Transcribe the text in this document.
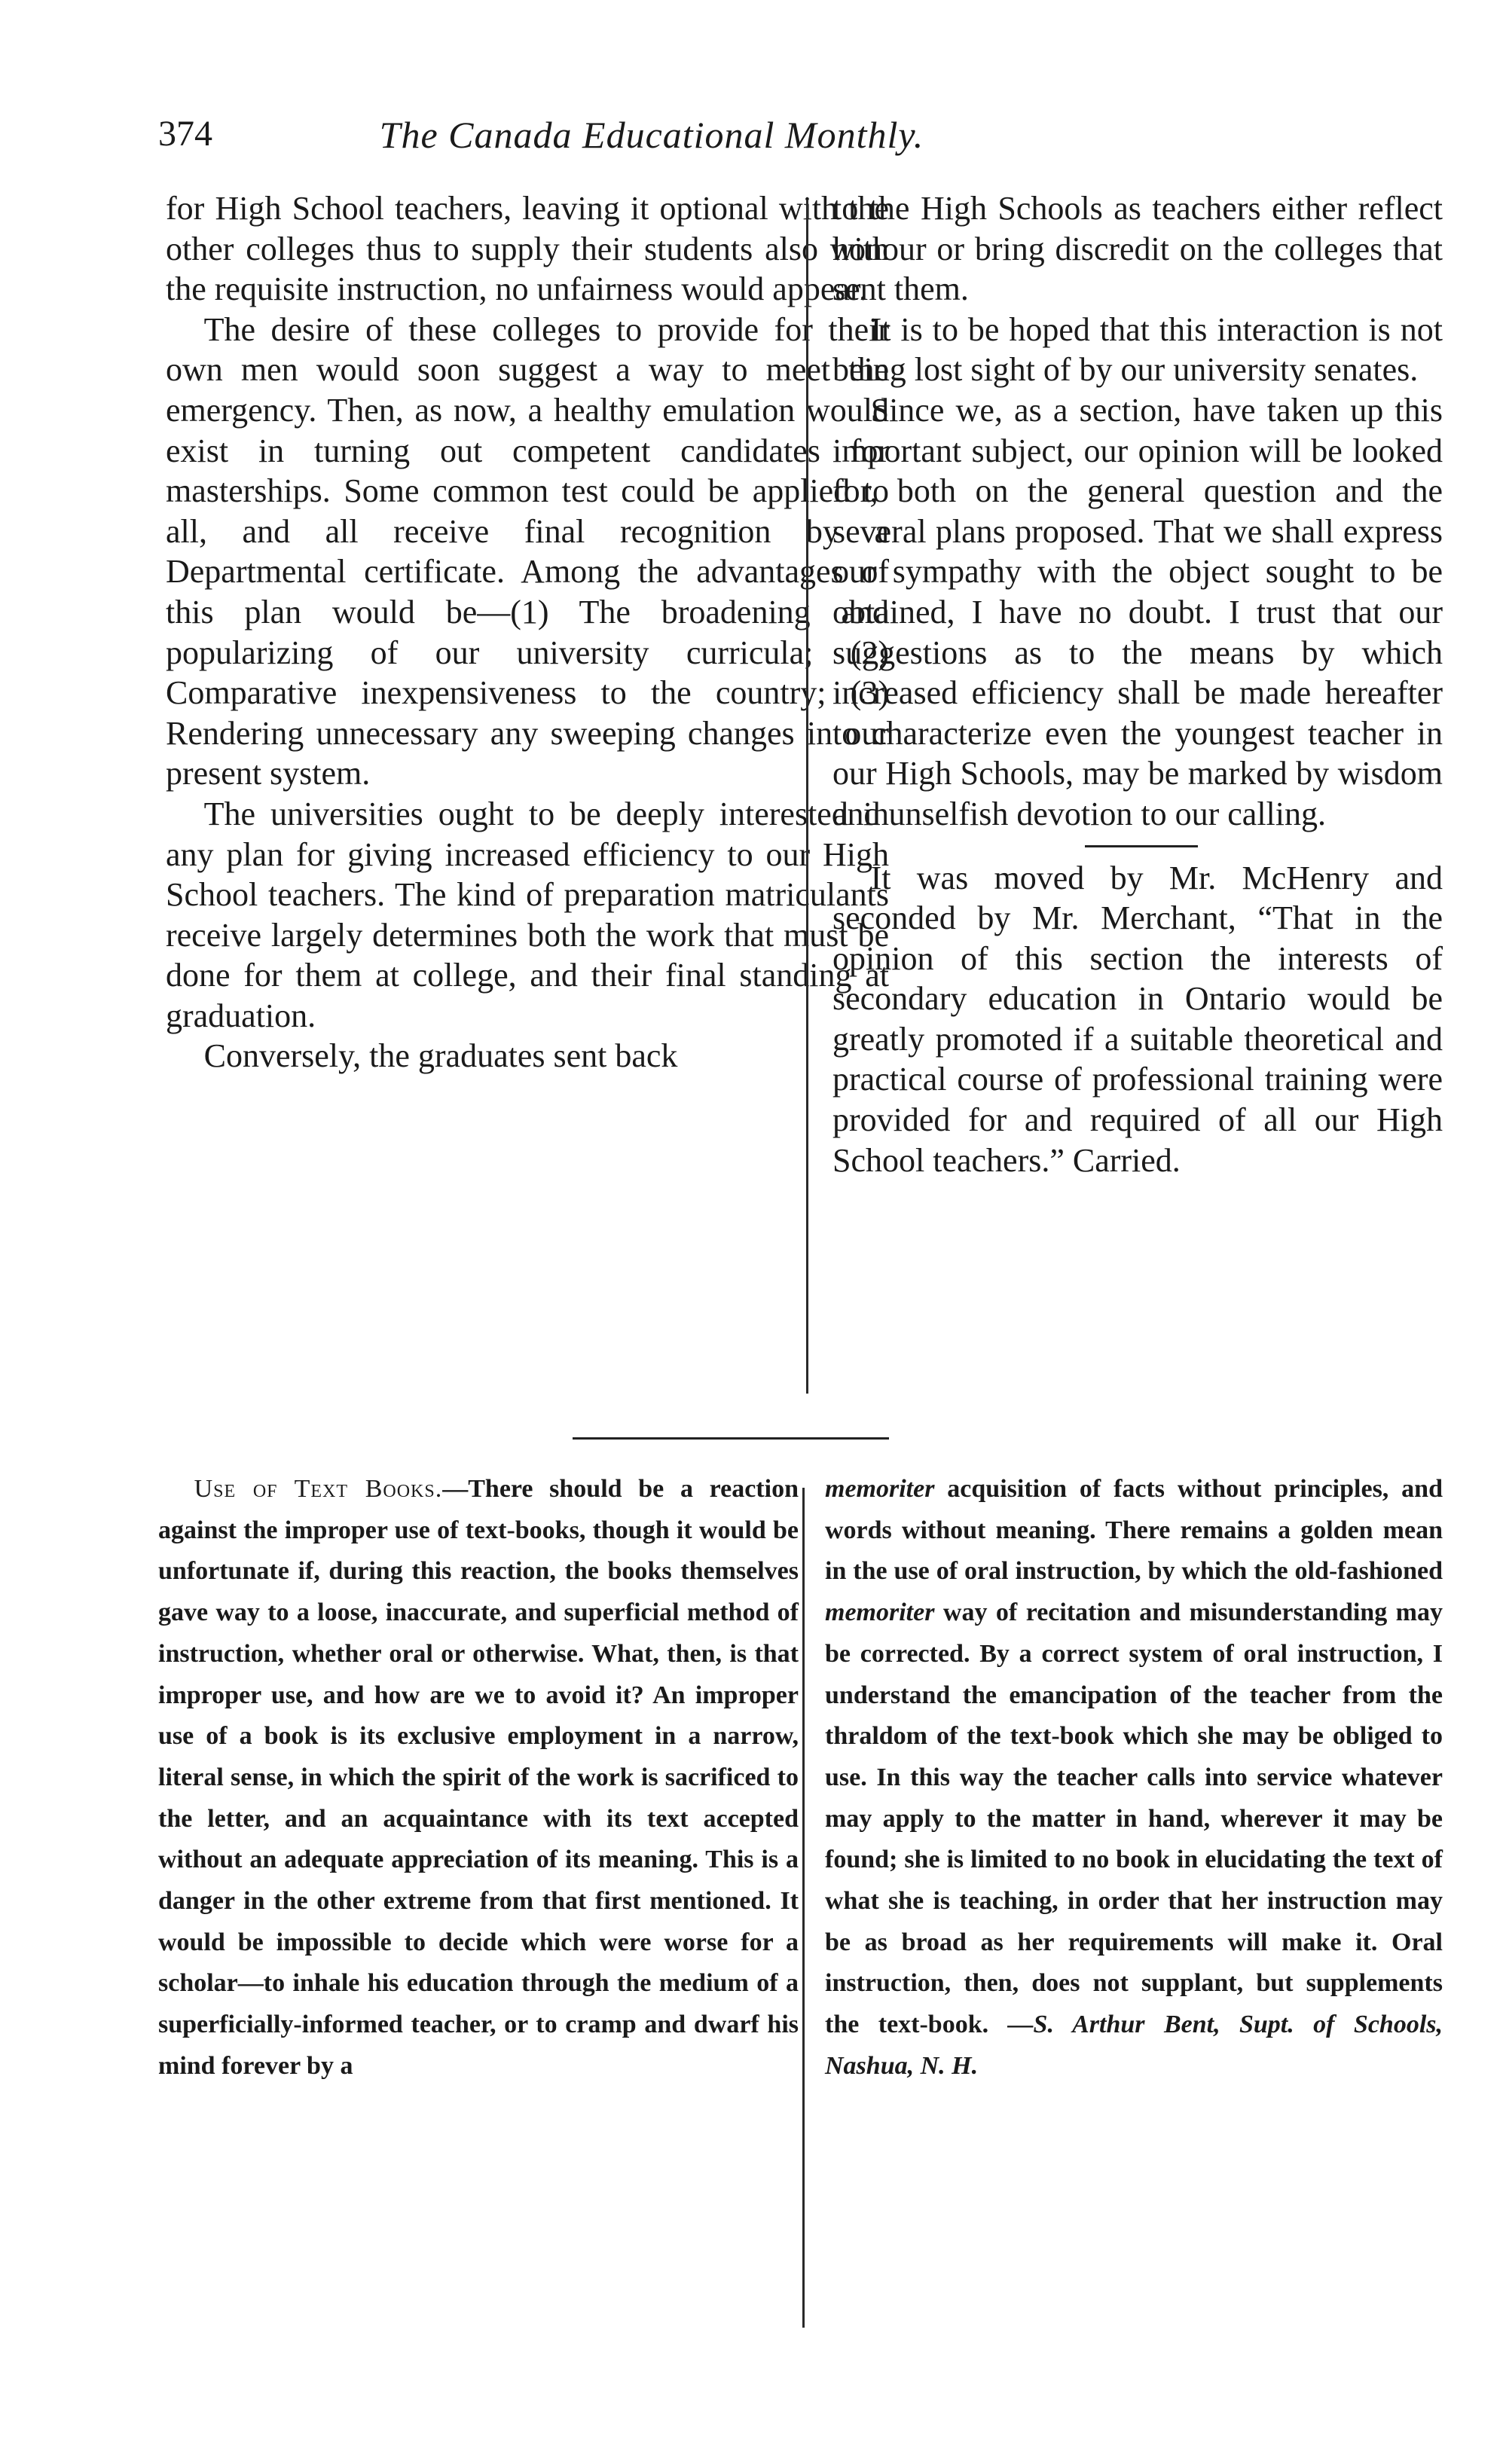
374	The Canada Educational Monthly.

for High School teachers, leaving it optional with the other colleges thus to supply their students also with the requisite instruction, no unfairness would appear.

The desire of these colleges to provide for their own men would soon suggest a way to meet the emergency. Then, as now, a healthy emulation would exist in turning out competent candidates for masterships. Some common test could be applied to all, and all receive final recognition by a Departmental certificate. Among the advantages of this plan would be—(1) The broadening and popularizing of our university curricula; (2) Comparative inexpensiveness to the country; (3) Rendering unnecessary any sweeping changes in our present system.

The universities ought to be deeply interested in any plan for giving increased efficiency to our High School teachers. The kind of preparation matriculants receive largely determines both the work that must be done for them at college, and their final standing at graduation.

Conversely, the graduates sent back

to the High Schools as teachers either reflect honour or bring discredit on the colleges that sent them.

It is to be hoped that this interaction is not being lost sight of by our university senates.

Since we, as a section, have taken up this important subject, our opinion will be looked for, both on the general question and the several plans proposed. That we shall express our sympathy with the object sought to be obtained, I have no doubt. I trust that our suggestions as to the means by which increased efficiency shall be made hereafter to characterize even the youngest teacher in our High Schools, may be marked by wisdom and unselfish devotion to our calling.

It was moved by Mr. McHenry and seconded by Mr. Merchant, “That in the opinion of this section the interests of secondary education in Ontario would be greatly promoted if a suitable theoretical and practical course of professional training were provided for and required of all our High School teachers.” Carried.

Use of Text Books.—There should be a reaction against the improper use of text-books, though it would be unfortunate if, during this reaction, the books themselves gave way to a loose, inaccurate, and superficial method of instruction, whether oral or otherwise. What, then, is that improper use, and how are we to avoid it? An improper use of a book is its exclusive employment in a narrow, literal sense, in which the spirit of the work is sacrificed to the letter, and an acquaintance with its text accepted without an adequate appreciation of its meaning. This is a danger in the other extreme from that first mentioned. It would be impossible to decide which were worse for a scholar—to inhale his education through the medium of a superficially-informed teacher, or to cramp and dwarf his mind forever by a

memoriter acquisition of facts without principles, and words without meaning. There remains a golden mean in the use of oral instruction, by which the old-fashioned memoriter way of recitation and misunderstanding may be corrected. By a correct system of oral instruction, I understand the emancipation of the teacher from the thraldom of the text-book which she may be obliged to use. In this way the teacher calls into service whatever may apply to the matter in hand, wherever it may be found; she is limited to no book in elucidating the text of what she is teaching, in order that her instruction may be as broad as her requirements will make it. Oral instruction, then, does not supplant, but supplements the text-book. —S. Arthur Bent, Supt. of Schools, Nashua, N. H.
